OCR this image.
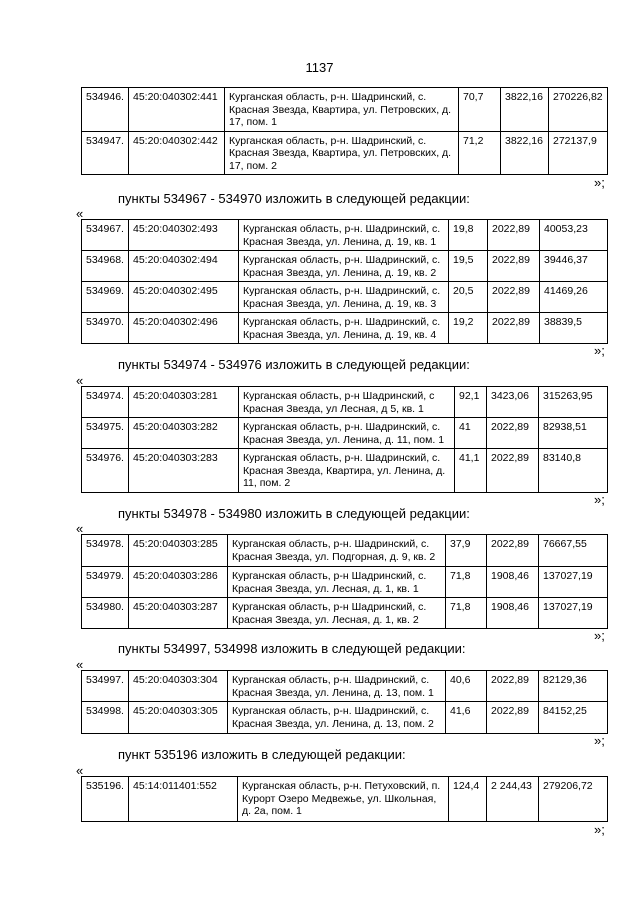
1137
534946.	45:20:040302:441	Курганская область, р-н. Шадринский, с. Красная Звезда, Квартира, ул. Петровских, д. 17, пом. 1	70,7	3822,16	270226,82
534947.	45:20:040302:442	Курганская область, р-н. Шадринский, с. Красная Звезда, Квартира, ул. Петровских, д. 17, пом. 2	71,2	3822,16	272137,9
»;
пункты 534967 - 534970 изложить в следующей редакции:
«
534967.	45:20:040302:493	Курганская область, р-н. Шадринский, с. Красная Звезда, ул. Ленина, д. 19, кв. 1	19,8	2022,89	40053,23
534968.	45:20:040302:494	Курганская область, р-н. Шадринский, с. Красная Звезда, ул. Ленина, д. 19, кв. 2	19,5	2022,89	39446,37
534969.	45:20:040302:495	Курганская область, р-н. Шадринский, с. Красная Звезда, ул. Ленина, д. 19, кв. 3	20,5	2022,89	41469,26
534970.	45:20:040302:496	Курганская область, р-н. Шадринский, с. Красная Звезда, ул. Ленина, д. 19, кв. 4	19,2	2022,89	38839,5
»;
пункты 534974 - 534976 изложить в следующей редакции:
«
534974.	45:20:040303:281	Курганская область, р-н Шадринский, с Красная Звезда, ул Лесная, д 5, кв. 1	92,1	3423,06	315263,95
534975.	45:20:040303:282	Курганская область, р-н. Шадринский, с. Красная Звезда, ул. Ленина, д. 11, пом. 1	41	2022,89	82938,51
534976.	45:20:040303:283	Курганская область, р-н. Шадринский, с. Красная Звезда, Квартира, ул. Ленина, д. 11, пом. 2	41,1	2022,89	83140,8
»;
пункты 534978 - 534980 изложить в следующей редакции:
«
534978.	45:20:040303:285	Курганская область, р-н. Шадринский, с. Красная Звезда, ул. Подгорная, д. 9, кв. 2	37,9	2022,89	76667,55
534979.	45:20:040303:286	Курганская область, р-н Шадринский, с. Красная Звезда, ул. Лесная, д. 1, кв. 1	71,8	1908,46	137027,19
534980.	45:20:040303:287	Курганская область, р-н Шадринский, с. Красная Звезда, ул. Лесная, д. 1, кв. 2	71,8	1908,46	137027,19
»;
пункты 534997, 534998 изложить в следующей редакции:
«
534997.	45:20:040303:304	Курганская область, р-н. Шадринский, с. Красная Звезда, ул. Ленина, д. 13, пом. 1	40,6	2022,89	82129,36
534998.	45:20:040303:305	Курганская область, р-н. Шадринский, с. Красная Звезда, ул. Ленина, д. 13, пом. 2	41,6	2022,89	84152,25
»;
пункт 535196 изложить в следующей редакции:
«
535196.	45:14:011401:552	Курганская область, р-н. Петуховский, п. Курорт Озеро Медвежье, ул. Школьная, д. 2а, пом. 1	124,4	2 244,43	279206,72
»;
